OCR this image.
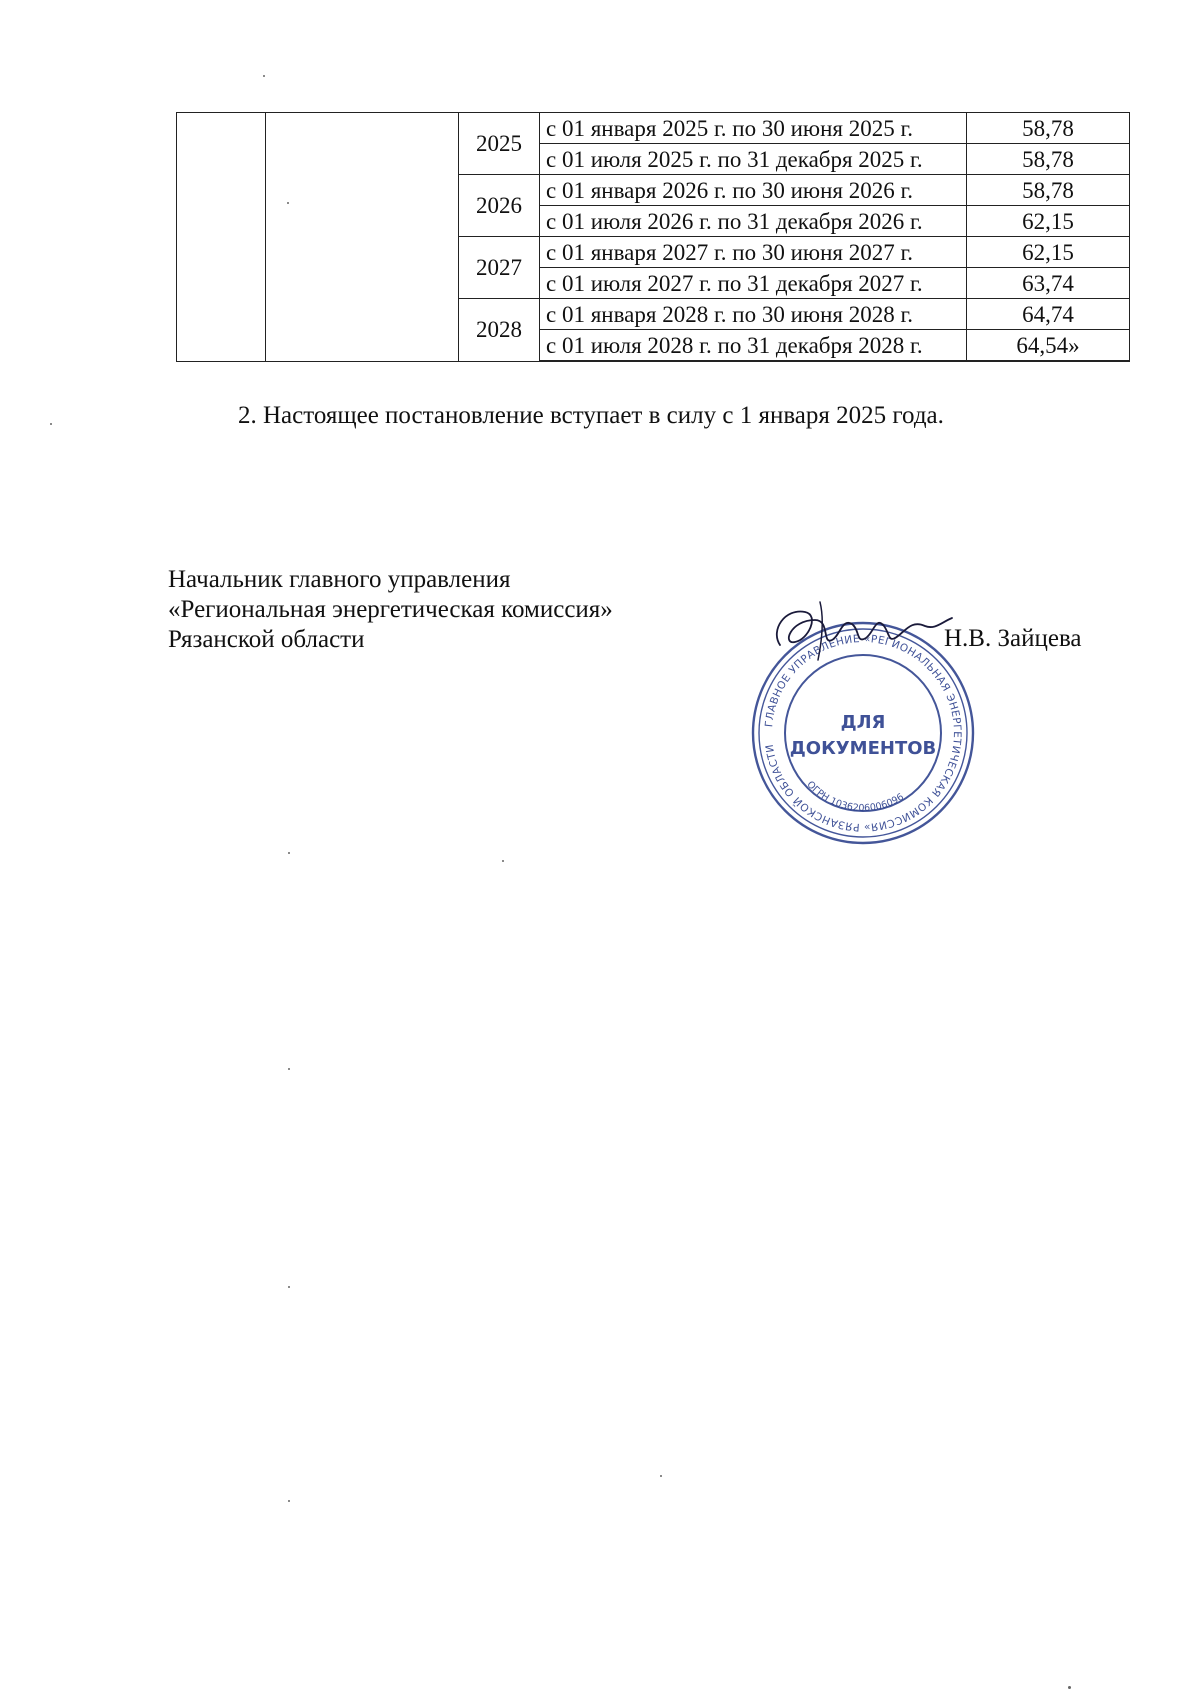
		2025	с 01 января 2025 г. по 30 июня 2025 г.	58,78
			с 01 июля 2025 г. по 31 декабря 2025 г.	58,78
		2026	с 01 января 2026 г. по 30 июня 2026 г.	58,78
			с 01 июля 2026 г. по 31 декабря 2026 г.	62,15
		2027	с 01 января 2027 г. по 30 июня 2027 г.	62,15
			с 01 июля 2027 г. по 31 декабря 2027 г.	63,74
		2028	с 01 января 2028 г. по 30 июня 2028 г.	64,74
			с 01 июля 2028 г. по 31 декабря 2028 г.	64,54»
2. Настоящее постановление вступает в силу с 1 января 2025 года.
Начальник главного управления
«Региональная энергетическая комиссия»
Рязанской области
ГЛАВНОЕ УПРАВЛЕНИЕ «РЕГИОНАЛЬНАЯ ЭНЕРГЕТИЧЕСКАЯ КОМИССИЯ» РЯЗАНСКОЙ ОБЛАСТИ
ОГРН 1036206006096
ДЛЯ
ДОКУМЕНТОВ
Н.В. Зайцева
